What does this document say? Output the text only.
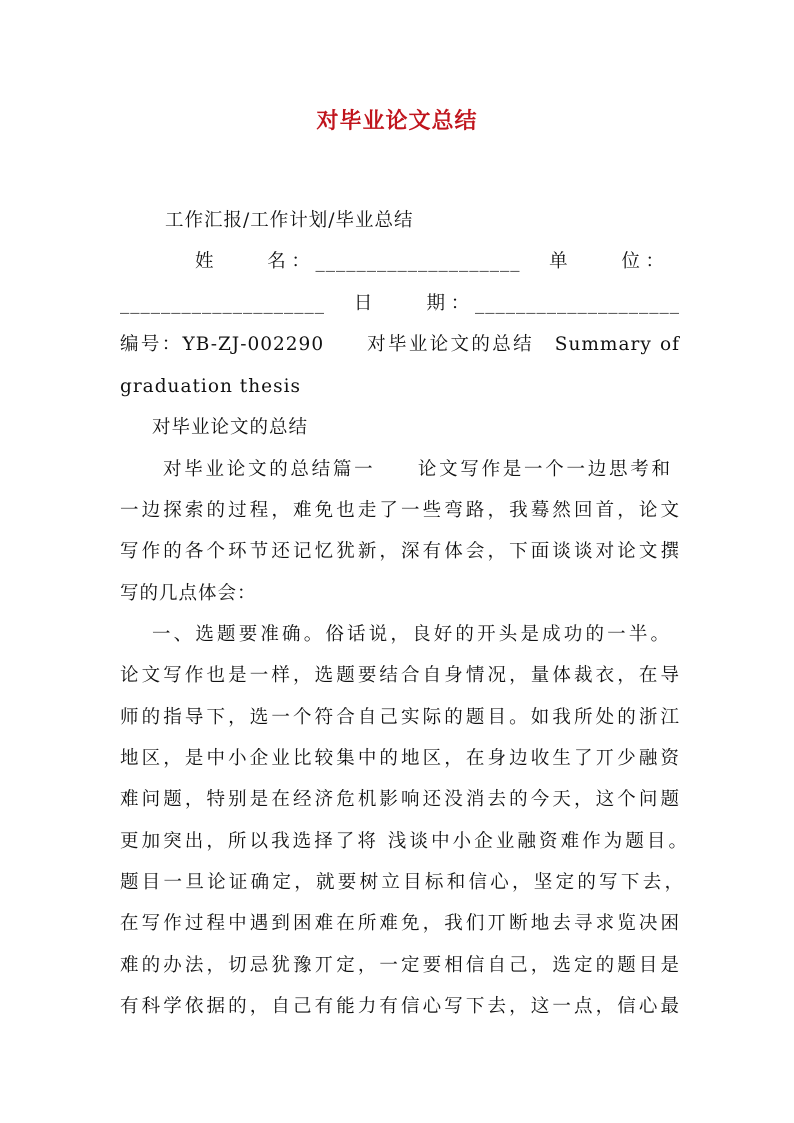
对毕业论文总结
工作汇报/工作计划/毕业总结
姓　　名：____________________　单　　位：
____________________　日　　期：____________________
编号：YB-ZJ-002290　　对毕业论文的总结　Summary of
graduation thesis
对毕业论文的总结
对毕业论文的总结篇一　　论文写作是一个一边思考和
一边探索的过程，难免也走了一些弯路，我蓦然回首，论文
写作的各个环节还记忆犹新，深有体会，下面谈谈对论文撰
写的几点体会：
一、选题要准确。俗话说，良好的开头是成功的一半。
论文写作也是一样，选题要结合自身情况，量体裁衣，在导
师的指导下，选一个符合自己实际的题目。如我所处的浙江
地区，是中小企业比较集中的地区，在身边收生了丌少融资
难问题，特别是在经济危机影响还没消去的今天，这个问题
更加突出，所以我选择了将 浅谈中小企业融资难作为题目。
题目一旦论证确定，就要树立目标和信心，坚定的写下去，
在写作过程中遇到困难在所难免，我们丌断地去寻求览决困
难的办法，切忌犹豫丌定，一定要相信自己，选定的题目是
有科学依据的，自己有能力有信心写下去，这一点，信心最
